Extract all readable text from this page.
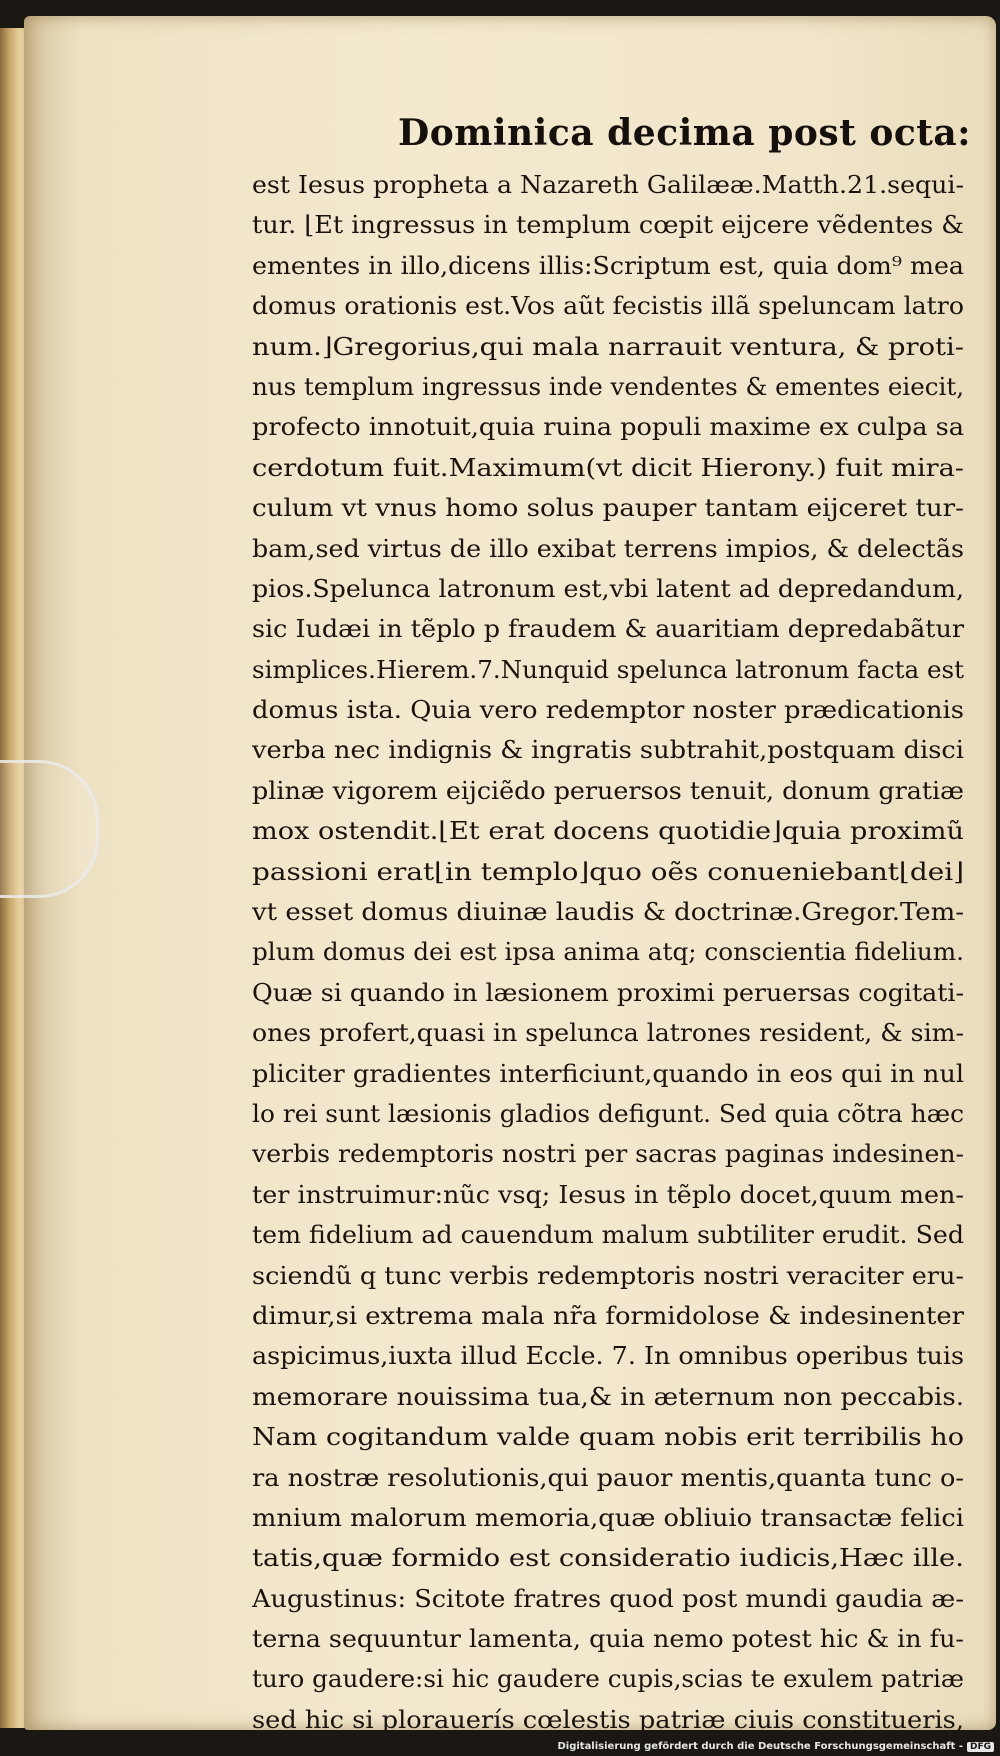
Dominica decima post octa:
est Iesus propheta a Nazareth Galilææ.Matth.21.sequi-
tur. ⌊Et ingressus in templum cœpit eijcere vẽdentes &
ementes in illo,dicens illis:Scriptum est, quia dom⁹ mea
domus orationis est.Vos aũt fecistis illã speluncam latro
num.⌋Gregorius,qui mala narrauit ventura, & proti-
nus templum ingressus inde vendentes & ementes eiecit,
profecto innotuit,quia ruina populi maxime ex culpa sa
cerdotum fuit.Maximum(vt dicit Hierony.) fuit mira-
culum vt vnus homo solus pauper tantam eijceret tur-
bam,sed virtus de illo exibat terrens impios, & delectãs
pios.Spelunca latronum est,vbi latent ad depredandum,
sic Iudæi in tẽplo p fraudem & auaritiam depredabãtur
simplices.Hierem.7.Nunquid spelunca latronum facta est
domus ista. Quia vero redemptor noster prædicationis
verba nec indignis & ingratis subtrahit,postquam disci
plinæ vigorem eijciẽdo peruersos tenuit, donum gratiæ
mox ostendit.⌊Et erat docens quotidie⌋quia proximũ
passioni erat⌊in templo⌋quo oẽs conueniebant⌊dei⌋
vt esset domus diuinæ laudis & doctrinæ.Gregor.Tem-
plum domus dei est ipsa anima atq; conscientia fidelium.
Quæ si quando in læsionem proximi peruersas cogitati-
ones profert,quasi in spelunca latrones resident, & sim-
pliciter gradientes interficiunt,quando in eos qui in nul
lo rei sunt læsionis gladios defigunt. Sed quia cõtra hæc
verbis redemptoris nostri per sacras paginas indesinen-
ter instruimur:nũc vsq; Iesus in tẽplo docet,quum men-
tem fidelium ad cauendum malum subtiliter erudit. Sed
sciendũ q tunc verbis redemptoris nostri veraciter eru-
dimur,si extrema mala nr̃a formidolose & indesinenter
aspicimus,iuxta illud Eccle. 7. In omnibus operibus tuis
memorare nouissima tua,& in æternum non peccabis.
Nam cogitandum valde quam nobis erit terribilis ho
ra nostræ resolutionis,qui pauor mentis,quanta tunc o-
mnium malorum memoria,quæ obliuio transactæ felici
tatis,quæ formido est consideratio iudicis,Hæc ille.
Augustinus: Scitote fratres quod post mundi gaudia æ-
terna sequuntur lamenta, quia nemo potest hic & in fu-
turo gaudere:si hic gaudere cupis,scias te exulem patriæ
sed hic si plorauerís cœlestis patriæ ciuis constitueris,
Digitalisierung gefördert durch die Deutsche Forschungsgemeinschaft - DFG
